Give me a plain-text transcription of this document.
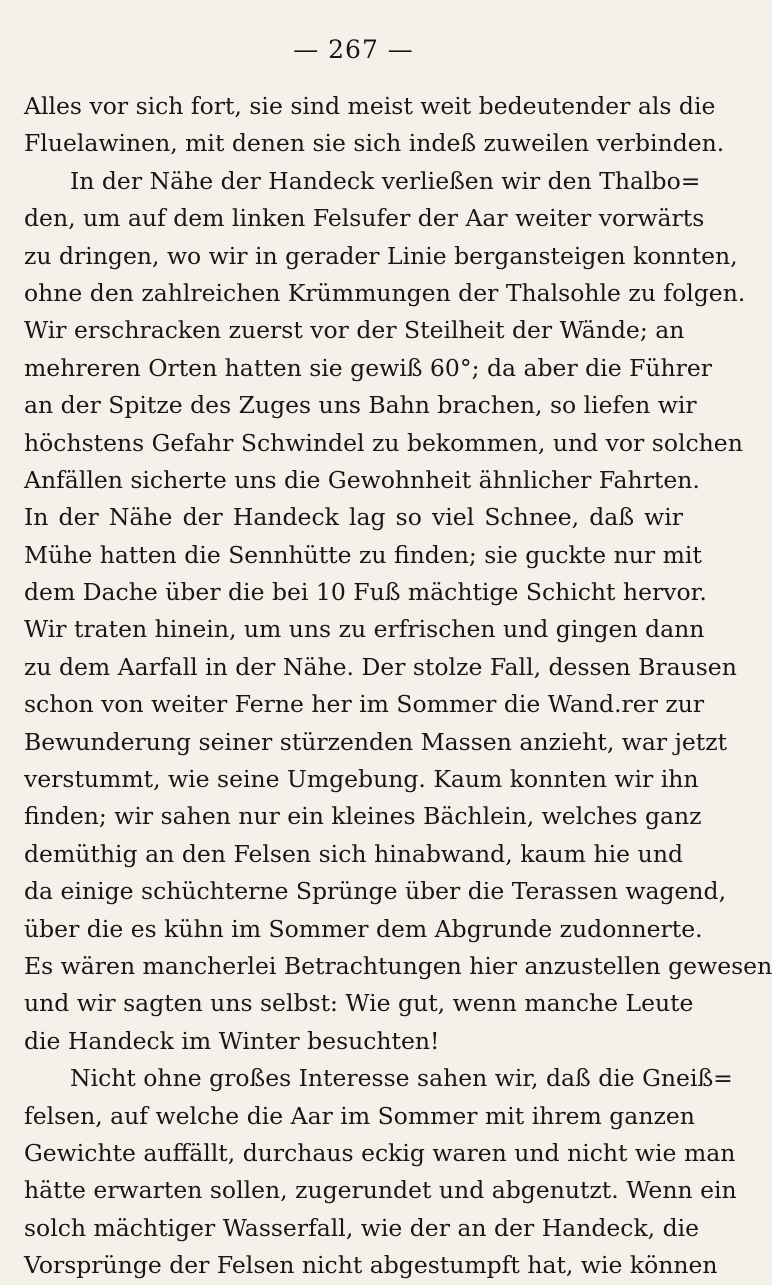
— 267 —
Alles vor sich fort, sie sind meist weit bedeutender als die
Fluelawinen, mit denen sie sich indeß zuweilen verbinden.
In der Nähe der Handeck verließen wir den Thalbo=
den, um auf dem linken Felsufer der Aar weiter vorwärts
zu dringen, wo wir in gerader Linie bergansteigen konnten,
ohne den zahlreichen Krümmungen der Thalsohle zu folgen.
Wir erschracken zuerst vor der Steilheit der Wände; an
mehreren Orten hatten sie gewiß 60°; da aber die Führer
an der Spitze des Zuges uns Bahn brachen, so liefen wir
höchstens Gefahr Schwindel zu bekommen, und vor solchen
Anfällen sicherte uns die Gewohnheit ähnlicher Fahrten.
In der Nähe der Handeck lag so viel Schnee, daß wir
Mühe hatten die Sennhütte zu finden; sie guckte nur mit
dem Dache über die bei 10 Fuß mächtige Schicht hervor.
Wir traten hinein, um uns zu erfrischen und gingen dann
zu dem Aarfall in der Nähe. Der stolze Fall, dessen Brausen
schon von weiter Ferne her im Sommer die Wand.rer zur
Bewunderung seiner stürzenden Massen anzieht, war jetzt
verstummt, wie seine Umgebung. Kaum konnten wir ihn
finden; wir sahen nur ein kleines Bächlein, welches ganz
demüthig an den Felsen sich hinabwand, kaum hie und
da einige schüchterne Sprünge über die Terassen wagend,
über die es kühn im Sommer dem Abgrunde zudonnerte.
Es wären mancherlei Betrachtungen hier anzustellen gewesen
und wir sagten uns selbst: Wie gut, wenn manche Leute
die Handeck im Winter besuchten!
Nicht ohne großes Interesse sahen wir, daß die Gneiß=
felsen, auf welche die Aar im Sommer mit ihrem ganzen
Gewichte auffällt, durchaus eckig waren und nicht wie man
hätte erwarten sollen, zugerundet und abgenutzt. Wenn ein
solch mächtiger Wasserfall, wie der an der Handeck, die
Vorsprünge der Felsen nicht abgestumpft hat, wie können
